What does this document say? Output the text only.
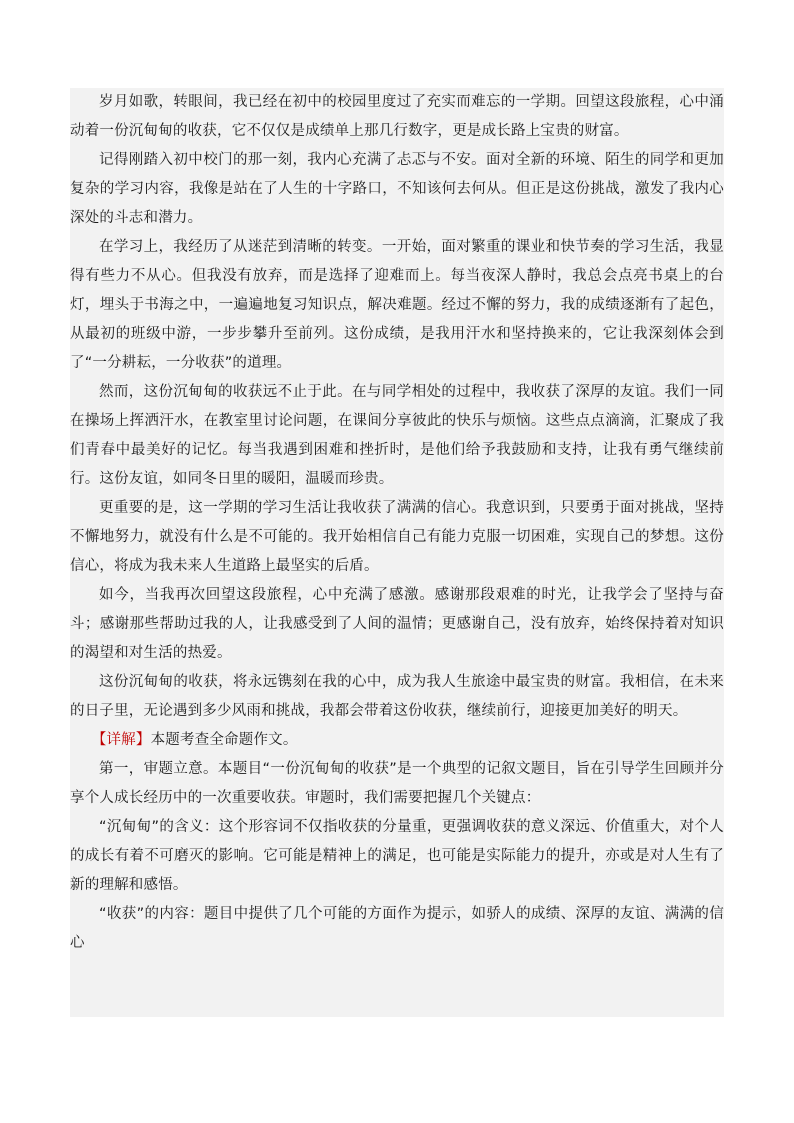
岁月如歌，转眼间，我已经在初中的校园里度过了充实而难忘的一学期。回望这段旅程，心中涌动着一份沉甸甸的收获，它不仅仅是成绩单上那几行数字，更是成长路上宝贵的财富。

记得刚踏入初中校门的那一刻，我内心充满了忐忑与不安。面对全新的环境、陌生的同学和更加复杂的学习内容，我像是站在了人生的十字路口，不知该何去何从。但正是这份挑战，激发了我内心深处的斗志和潜力。

在学习上，我经历了从迷茫到清晰的转变。一开始，面对繁重的课业和快节奏的学习生活，我显得有些力不从心。但我没有放弃，而是选择了迎难而上。每当夜深人静时，我总会点亮书桌上的台灯，埋头于书海之中，一遍遍地复习知识点，解决难题。经过不懈的努力，我的成绩逐渐有了起色，从最初的班级中游，一步步攀升至前列。这份成绩，是我用汗水和坚持换来的，它让我深刻体会到了“一分耕耘，一分收获”的道理。

然而，这份沉甸甸的收获远不止于此。在与同学相处的过程中，我收获了深厚的友谊。我们一同在操场上挥洒汗水，在教室里讨论问题，在课间分享彼此的快乐与烦恼。这些点点滴滴，汇聚成了我们青春中最美好的记忆。每当我遇到困难和挫折时，是他们给予我鼓励和支持，让我有勇气继续前行。这份友谊，如同冬日里的暖阳，温暖而珍贵。

更重要的是，这一学期的学习生活让我收获了满满的信心。我意识到，只要勇于面对挑战，坚持不懈地努力，就没有什么是不可能的。我开始相信自己有能力克服一切困难，实现自己的梦想。这份信心，将成为我未来人生道路上最坚实的后盾。

如今，当我再次回望这段旅程，心中充满了感激。感谢那段艰难的时光，让我学会了坚持与奋斗；感谢那些帮助过我的人，让我感受到了人间的温情；更感谢自己，没有放弃，始终保持着对知识的渴望和对生活的热爱。

这份沉甸甸的收获，将永远镌刻在我的心中，成为我人生旅途中最宝贵的财富。我相信，在未来的日子里，无论遇到多少风雨和挑战，我都会带着这份收获，继续前行，迎接更加美好的明天。

【详解】本题考查全命题作文。

第一，审题立意。本题目“一份沉甸甸的收获”是一个典型的记叙文题目，旨在引导学生回顾并分享个人成长经历中的一次重要收获。审题时，我们需要把握几个关键点：

“沉甸甸”的含义：这个形容词不仅指收获的分量重，更强调收获的意义深远、价值重大，对个人的成长有着不可磨灭的影响。它可能是精神上的满足，也可能是实际能力的提升，亦或是对人生有了新的理解和感悟。

“收获”的内容：题目中提供了几个可能的方面作为提示，如骄人的成绩、深厚的友谊、满满的信心
